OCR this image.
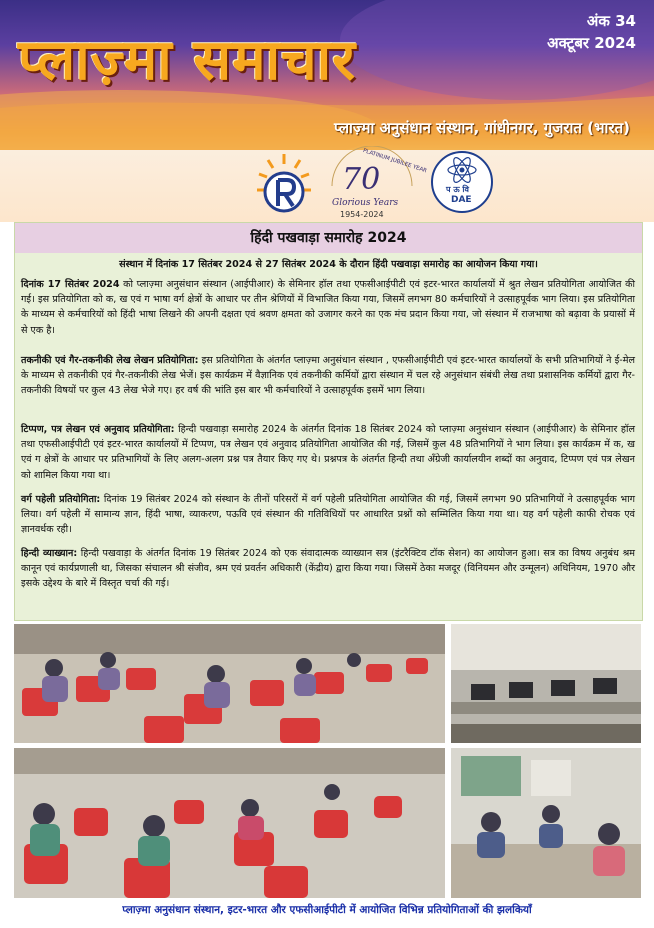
प्लाज़्मा समाचार
अंक 34
अक्टूबर 2024
प्लाज़्मा अनुसंधान संस्थान, गांधीनगर, गुजरात (भारत)
70
Glorious Years
1954-2024
PLATINUM JUBILEE YEAR
प ऊ वि
DAE
हिंदी पखवाड़ा समारोह 2024
संस्थान में दिनांक 17 सितंबर 2024 से 27 सितंबर 2024 के दौरान हिंदी पखवाड़ा समारोह का आयोजन किया गया।
दिनांक 17 सितंबर 2024 को प्लाज़्मा अनुसंधान संस्थान (आईपीआर) के सेमिनार हॉल तथा एफसीआईपीटी एवं इटर-भारत कार्यालयों में श्रुत लेखन प्रतियोगिता आयोजित की गई। इस प्रतियोगिता को क, ख एवं ग भाषा वर्ग क्षेत्रों के आधार पर तीन श्रेणियों में विभाजित किया गया, जिसमें लगभग 80 कर्मचारियों ने उत्साहपूर्वक भाग लिया। इस प्रतियोगिता के माध्यम से कर्मचारियों को हिंदी भाषा लिखने की अपनी दक्षता एवं श्रवण क्षमता को उजागर करने का एक मंच प्रदान किया गया, जो संस्थान में राजभाषा को बढ़ावा के प्रयासों में से एक है।
तकनीकी एवं गैर-तकनीकी लेख लेखन प्रतियोगिता: इस प्रतियोगिता के अंतर्गत प्लाज़्मा अनुसंधान संस्थान , एफसीआईपीटी एवं इटर-भारत कार्यालयों के सभी प्रतिभागियों ने ई-मेल के माध्यम से तकनीकी एवं गैर-तकनीकी लेख भेजें। इस कार्यक्रम में वैज्ञानिक एवं तकनीकी कर्मियों द्वारा संस्थान में चल रहे अनुसंधान संबंधी लेख तथा प्रशासनिक कर्मियों द्वारा गैर-तकनीकी विषयों पर कुल 43 लेख भेजे गए। हर वर्ष की भांति इस बार भी कर्मचारियों ने उत्साहपूर्वक इसमें भाग लिया।
टिप्पण, पत्र लेखन एवं अनुवाद प्रतियोगिता: हिन्दी पखवाड़ा समारोह 2024 के अंतर्गत दिनांक 18 सितंबर 2024 को प्लाज़्मा अनुसंधान संस्थान (आईपीआर) के सेमिनार हॉल तथा एफसीआईपीटी एवं इटर-भारत कार्यालयों में टिप्पण, पत्र लेखन एवं अनुवाद प्रतियोगिता आयोजित की गई, जिसमें कुल 48 प्रतिभागियों ने भाग लिया। इस कार्यक्रम में क, ख एवं ग क्षेत्रों के आधार पर प्रतिभागियों के लिए अलग-अलग प्रश्न पत्र तैयार किए गए थे। प्रश्नपत्र के अंतर्गत हिन्दी तथा अँग्रेजी कार्यालयीन शब्दों का अनुवाद, टिप्पण एवं पत्र लेखन को शामिल किया गया था।
वर्ग पहेली प्रतियोगिता: दिनांक 19 सितंबर 2024 को संस्थान के तीनों परिसरों में वर्ग पहेली प्रतियोगिता आयोजित की गई, जिसमें लगभग 90 प्रतिभागियों ने उत्साहपूर्वक भाग लिया। वर्ग पहेली में सामान्य ज्ञान, हिंदी भाषा, व्याकरण, पऊवि एवं संस्थान की गतिविधियों पर आधारित प्रश्नों को सम्मिलित किया गया था। यह वर्ग पहेली काफी रोचक एवं ज्ञानवर्धक रही।
हिन्दी व्याख्यान: हिन्दी पखवाड़ा के अंतर्गत दिनांक 19 सितंबर 2024 को एक संवादात्मक व्याख्यान सत्र (इंटरैक्टिव टॉक सेशन) का आयोजन हुआ। सत्र का विषय अनुबंध श्रम कानून एवं कार्यप्रणाली था, जिसका संचालन श्री संजीव, श्रम एवं प्रवर्तन अधिकारी (केंद्रीय) द्वारा किया गया। जिसमें ठेका मजदूर (विनियमन और उन्मूलन) अधिनियम, 1970 और इसके उद्देश्य के बारे में विस्तृत चर्चा की गई।
प्लाज़्मा अनुसंधान संस्थान, इटर-भारत और एफसीआईपीटी में आयोजित विभिन्न प्रतियोगिताओं की झलकियाँ
